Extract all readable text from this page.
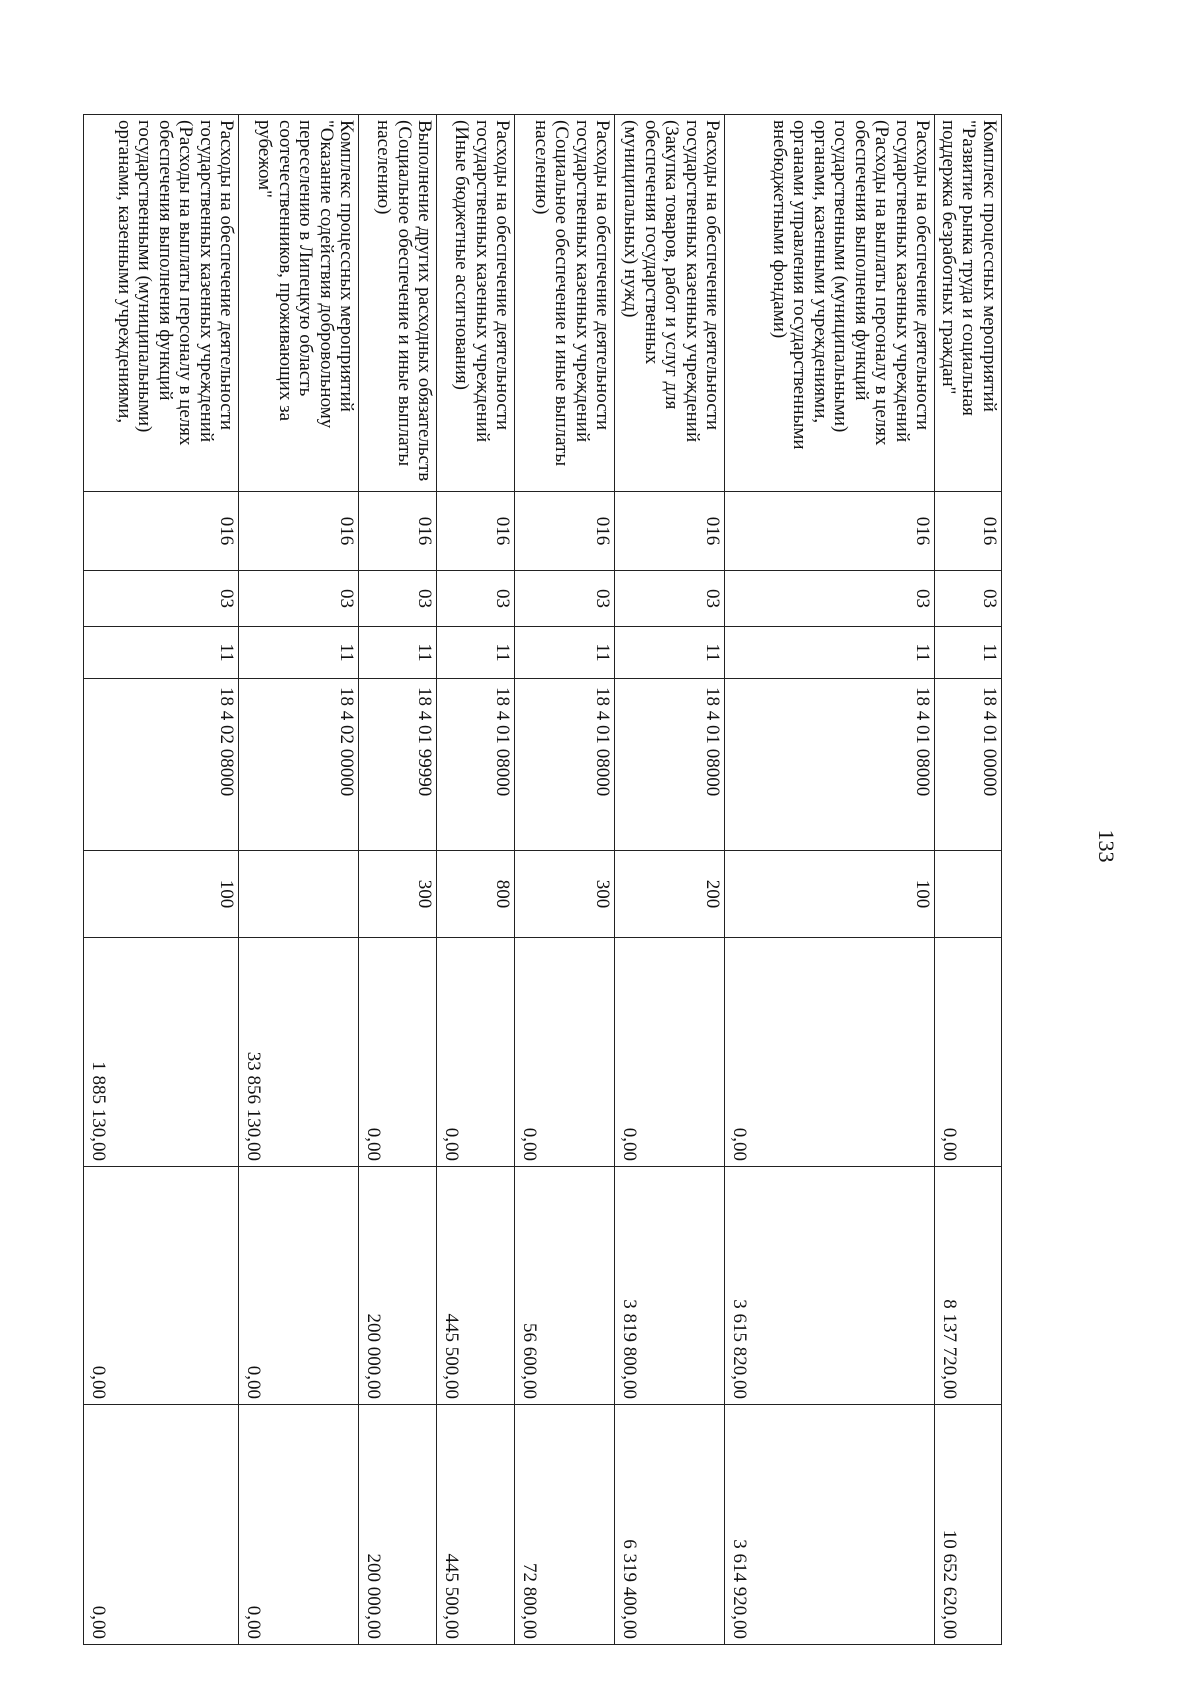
133
Комплекс процессных мероприятий "Развитие рынка труда и социальная поддержка безработных граждан"	016	03	11	18 4 01 00000		0,00	8 137 720,00	10 652 620,00
Расходы на обеспечение деятельности государственных казенных учреждений (Расходы на выплаты персоналу в целях обеспечения выполнения функций государственными (муниципальными) органами, казенными учреждениями, органами управления государственными внебюджетными фондами)	016	03	11	18 4 01 08000	100	0,00	3 615 820,00	3 614 920,00
Расходы на обеспечение деятельности государственных казенных учреждений (Закупка товаров, работ и услуг для обеспечения государственных (муниципальных) нужд)	016	03	11	18 4 01 08000	200	0,00	3 819 800,00	6 319 400,00
Расходы на обеспечение деятельности государственных казенных учреждений (Социальное обеспечение и иные выплаты населению)	016	03	11	18 4 01 08000	300	0,00	56 600,00	72 800,00
Расходы на обеспечение деятельности государственных казенных учреждений (Иные бюджетные ассигнования)	016	03	11	18 4 01 08000	800	0,00	445 500,00	445 500,00
Выполнение других расходных обязательств (Социальное обеспечение и иные выплаты населению)	016	03	11	18 4 01 99990	300	0,00	200 000,00	200 000,00
Комплекс процессных мероприятий "Оказание содействия добровольному переселению в Липецкую область соотечественников, проживающих за рубежом"	016	03	11	18 4 02 00000		33 856 130,00	0,00	0,00
Расходы на обеспечение деятельности государственных казенных учреждений (Расходы на выплаты персоналу в целях обеспечения выполнения функций государственными (муниципальными) органами, казенными учреждениями,	016	03	11	18 4 02 08000	100	1 885 130,00	0,00	0,00
